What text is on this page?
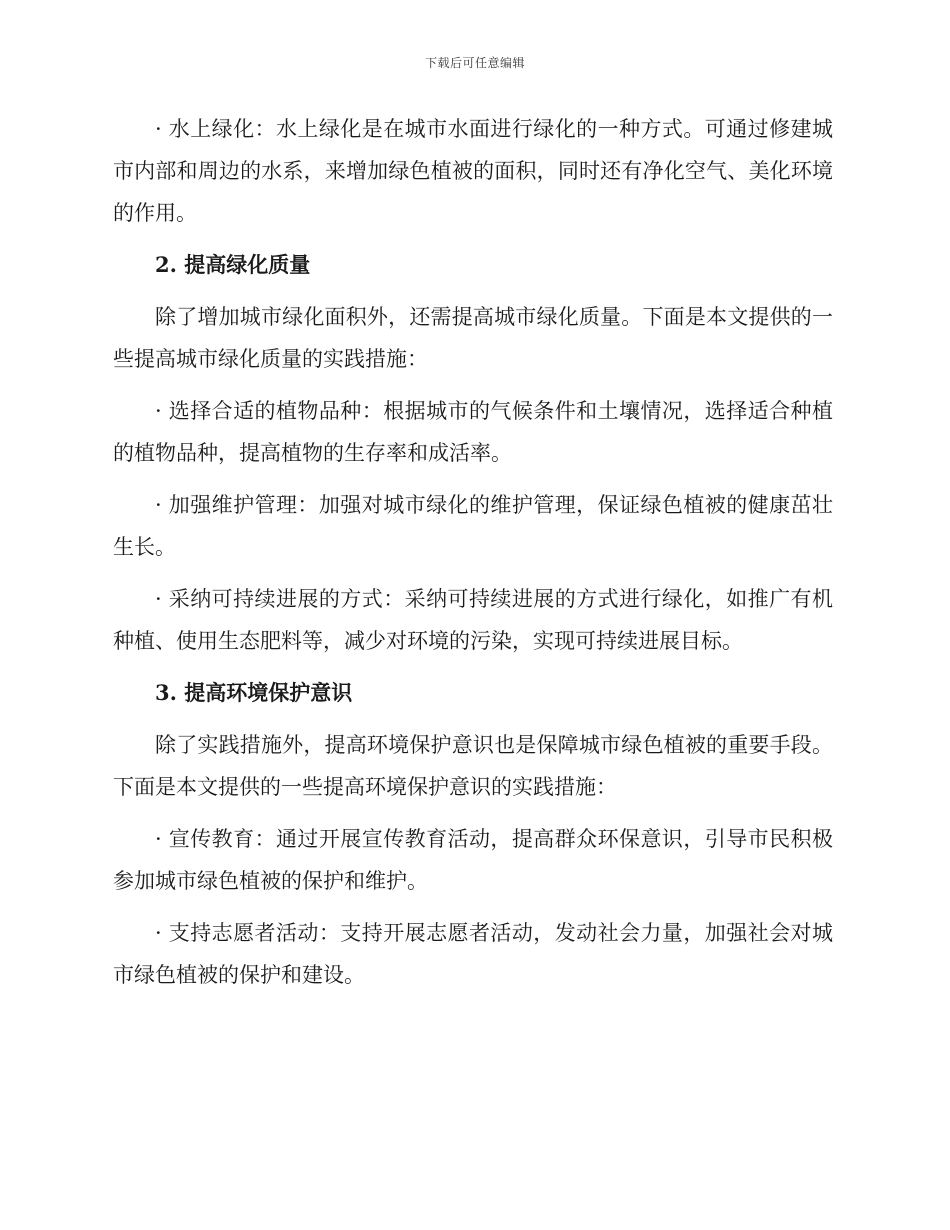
下载后可任意编辑

· 水上绿化：水上绿化是在城市水面进行绿化的一种方式。可通过修建城市内部和周边的水系，来增加绿色植被的面积，同时还有净化空气、美化环境的作用。

2. 提高绿化质量

除了增加城市绿化面积外，还需提高城市绿化质量。下面是本文提供的一些提高城市绿化质量的实践措施：

· 选择合适的植物品种：根据城市的气候条件和土壤情况，选择适合种植的植物品种，提高植物的生存率和成活率。

· 加强维护管理：加强对城市绿化的维护管理，保证绿色植被的健康茁壮生长。

· 采纳可持续进展的方式：采纳可持续进展的方式进行绿化，如推广有机种植、使用生态肥料等，减少对环境的污染，实现可持续进展目标。

3. 提高环境保护意识

除了实践措施外，提高环境保护意识也是保障城市绿色植被的重要手段。下面是本文提供的一些提高环境保护意识的实践措施：

· 宣传教育：通过开展宣传教育活动，提高群众环保意识，引导市民积极参加城市绿色植被的保护和维护。

· 支持志愿者活动：支持开展志愿者活动，发动社会力量，加强社会对城市绿色植被的保护和建设。
